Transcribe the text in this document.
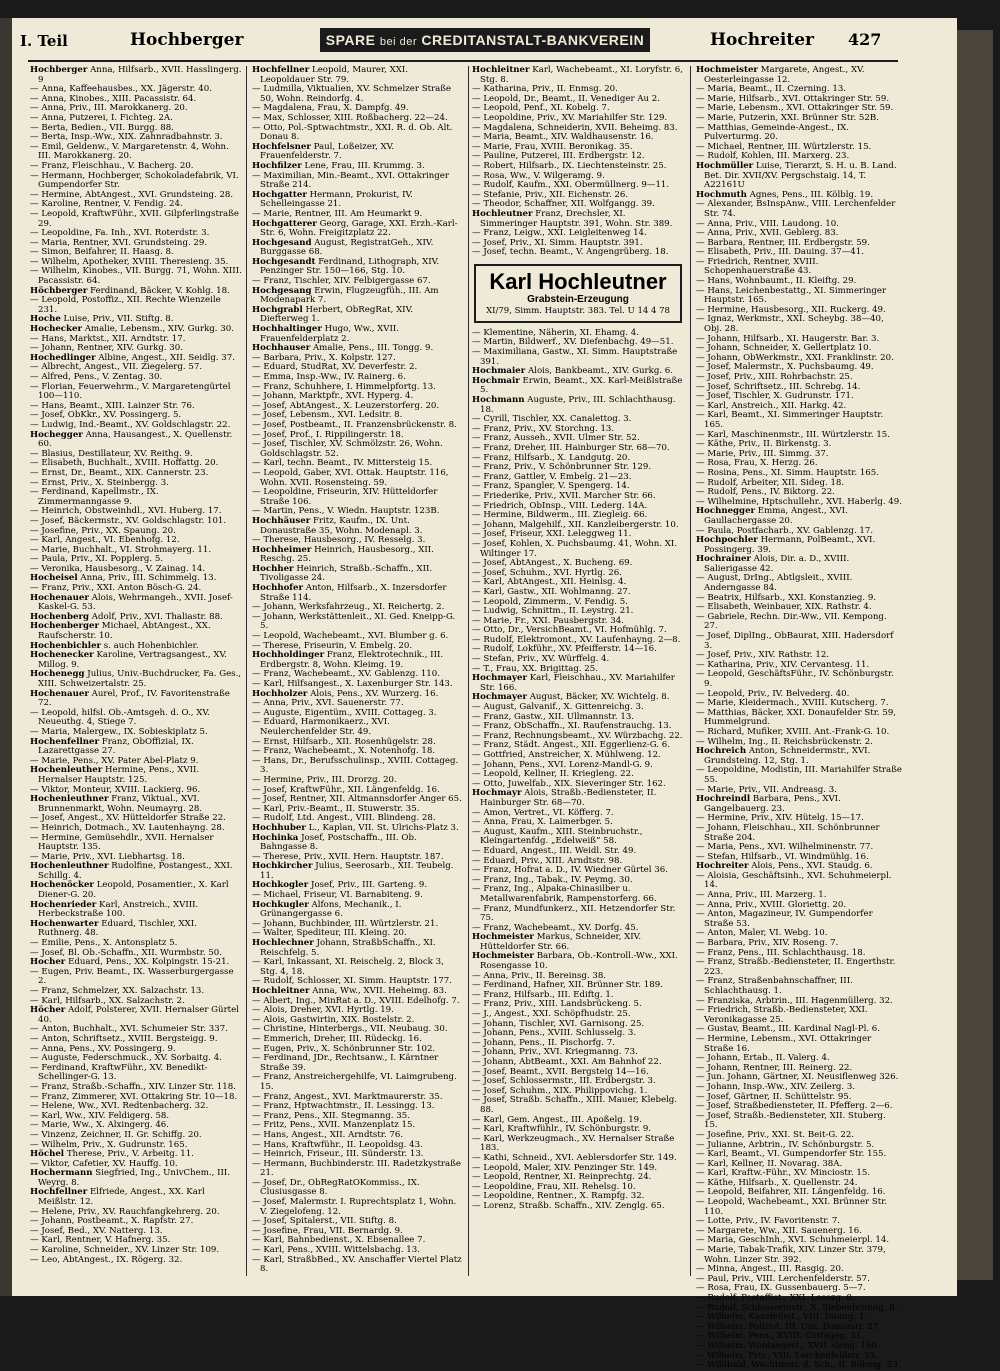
I. Teil	Hochberger	SPARE bei der CREDITANSTALT-BANKVEREIN	Hochreiter 427

Hochberger Anna, Hilfsarb., XVII. Hasslingerg. 9

— Anna, Kaffeehausbes., XX. Jägerstr. 40.

— Anna, Kinobes., XIII. Pacassistr. 64.

— Anna, Priv., III. Marokkanerg. 20.

— Anna, Putzerei, I. Fichteg. 2A.

— Berta, Bedien., VII. Burgg. 88.

— Berta, Insp.-Ww., XIX. Zahnradbahnstr. 3.

— Emil, Geldenw., V. Margaretenstr. 4, Wohn. III. Marokkanerg. 20.

— Franz, Fleischhau., V. Bacherg. 20.

— Hermann, Hochberger, Schokoladefabrik, VI. Gumpendorfer Str.

— Hermine, AbtAngest., XVI. Grundsteing. 28.

— Karoline, Rentner, V. Fendig. 24.

— Leopold, KraftwFühr., XVII. Gilpferlingstraße 29.

— Leopoldine, Fa. Inh., XVI. Roterdstr. 3.

— Maria, Rentner, XVI. Grundsteing. 29.

— Simon, Beifahrer, II. Haasg. 8.

— Wilhelm, Apotheker, XVIII. Theresieng. 35.

— Wilhelm, Kinobes., VII. Burgg. 71, Wohn. XIII. Pacassistr. 64.

Höchberger Ferdinand, Bäcker, V. Kohlg. 18.

— Leopold, Postoffiz., XII. Rechte Wienzeile 231.

Hoche Luise, Priv., VII. Stiftg. 8.

Hochecker Amalie, Lebensm., XIV. Gurkg. 30.

— Hans, Marktst., XII. Arndtstr. 17.

— Johann, Rentner, XIV. Gurkg. 30.

Hochedlinger Albine, Angest., XII. Seidlg. 37.

— Albrecht, Angest., VII. Ziegelerg. 57.

— Alfred, Pens., V. Zentag. 30.

— Florian, Feuerwehrm., V. Margaretengürtel 100—110.

— Hans, Beamt., XIII. Lainzer Str. 76.

— Josef, ObKkr., XV. Possingerg. 5.

— Ludwig, Ind.-Beamt., XV. Goldschlagstr. 22.

Hochegger Anna, Hausangest., X. Quellenstr. 60.

— Blasius, Destillateur, XV. Reithg. 9.

— Elisabeth, Buchhalt., XVIII. Hoffattg. 20.

— Ernst, Dr., Beamt., XIX. Cannerstr. 23.

— Ernst, Priv., X. Steinbergg. 3.

— Ferdinand, Kapellmstr., IX. Zimmermanngasse 9.

— Heinrich, Obstweinhdl., XVI. Huberg. 17.

— Josef, Bäckermstr., XV. Goldschlagstr. 101.

— Josefine, Priv., XX. Spaung. 20.

— Karl, Angest., VI. Ebenhofg. 12.

— Marie, Buchhalt., VI. Strohmayerg. 11.

— Paula, Priv., XI. Popplerg. 5.

— Veronika, Hausbesorg., V. Zainag. 14.

Hocheisel Anna, Priv., III. Schimmelg. 13.

— Franz, Priv., XXI. Anton Bösch-G. 24.

Hochenauer Alois, Wehrmangeh., XVII. Josef-Kaskel-G. 53.

Hochenberg Adolf, Priv., XVI. Thaliastr. 88.

Hochenberger Michael, AbtAngest., XX. Raufscherstr. 10.

Hochenbichler s. auch Hohenbichler.

Hochenecker Karoline, Vertragsangest., XV. Millog. 9.

Hochenegg Julius, Univ.-Buchdrucker, Fa. Ges., XIII. Schweizertalstr. 25.

Hochenauer Aurel, Prof., IV. Favoritenstraße 72.

— Leopold, hilfsl. Ob.-Amtsgeh. d. O., XV. Neueuthg. 4, Stiege 7.

— Maria, Malergew., IX. Sobieskiplatz 5.

Hochenfellner Franz, ObOffizial, IX. Lazarettgasse 27.

— Marie, Pens., XV. Pater Abel-Platz 9.

Hochenleuther Hermine, Pens., XVII. Hernalser Hauptstr. 125.

— Viktor, Monteur, XVIII. Lackierg. 96.

Hochenleuthner Franz, Viktual., XVI. Brunnenmarkt, Wohn. Neumayrg. 28.

— Josef, Angest., XV. Hütteldorfer Straße 22.

— Heinrich, Dotmach., XV. Lautenhayng. 28.

— Hermine, Gemüsehdlr., XVII. Hernalser Hauptstr. 135.

— Marie, Priv., XVI. Liebhartsg. 18.

Hochenleuthner Rudolfine, Postangest., XXI. Schillg. 4.

Hochenöcker Leopold, Posamentier., X. Karl Diener-G. 20.

Hochenrieder Karl, Anstreich., XVIII. Herbeckstraße 100.

Hochenwarter Eduard, Tischler, XXI. Ruthnerg. 48.

— Emilie, Pens., X. Antonsplatz 5.

— Josef, Bl. Ob.-Schaffn., XII. Wurmbstr. 50.

Hocher Eduard, Pens., XX. Kolpingstr. 15-21.

— Eugen, Priv. Beamt., IX. Wasserburgergasse 2.

— Franz, Schmelzer, XX. Salzachstr. 13.

— Karl, Hilfsarb., XX. Salzachstr. 2.

Höcher Adolf, Polsterer, XVII. Hernalser Gürtel 40.

— Anton, Buchhalt., XVI. Schumeier Str. 337.

— Anton, Schriftsetz., XVIII. Bergsteigg. 9.

— Anna, Pens., XV. Possingerg. 9.

— Auguste, Federschmuck., XV. Sorbaitg. 4.

— Ferdinand, KraftwFühr., XV. Benedikt-Schellinger-G. 13.

— Franz, Straßb.-Schaffn., XIV. Linzer Str. 118.

— Franz, Zimmerer, XVI. Ottakring Str. 10—18.

— Helene, Ww., XVI. Redtenbacherg. 32.

— Karl, Ww., XIV. Feldigerg. 58.

— Marie, Ww., X. Alxingerg. 46.

— Vinzenz, Zeichner, II. Gr. Schiffg. 20.

— Wilhelm, Priv., X. Gudrunstr. 165.

Höchel Therese, Priv., V. Arbeitg. 11.

— Viktor, Cafetier, XV. Hauffg. 10.

Hochermann Siegfried, Ing., UnivChem., III. Weyrg. 8.

Hochfellner Elfriede, Angest., XX. Karl Meißlstr. 12.

— Helene, Priv., XV. Rauchfangkehrerg. 20.

— Johann, Postbeamt., X. Rapfstr. 27.

— Josef, Bed., XV. Natterg. 13.

— Karl, Rentner, V. Hafnerg. 35.

— Karoline, Schneider., XV. Linzer Str. 109.

— Leo, AbtAngest., IX. Rögerg. 32.

Hochfellner Leopold, Maurer, XXI. Leopoldauer Str. 79.

— Ludmilla, Viktualien, XV. Schmelzer Straße 50, Wohn. Reindorfg. 4.

— Magdalena, Frau, X. Dampfg. 49.

— Max, Schlosser, XIII. Roßbacherg. 22—24.

— Otto, Pol.-Sptwachtmstr., XXI. R. d. Ob. Alt. Donau 8.

Hochfelsner Paul, Loßeizer, XV. Frauenfelderstr. 7.

Hochfilzer Lene, Frau, III. Krummg. 3.

— Maximilian, Min.-Beamt., XVI. Ottakringer Straße 214.

Hochgatter Hermann, Prokurist, IV. Schelleingasse 21.

— Marie, Rentner, III. Am Heumarkt 9.

Hochgatterer Georg, Garage, XXI. Erzh.-Karl-Str. 6, Wohn. Freigitzplatz 22.

Hochgesand August, RegistratGeh., XIV. Burggasse 68.

Hochgesandt Ferdinand, Lithograph, XIV. Penzinger Str. 150—166, Stg. 10.

— Franz, Tischler, XIV. Felbigergasse 67.

Hochgesang Erwin, Flugzeugfüh., III. Am Modenapark 7.

Hochgrabl Herbert, ObRegRat, XIV. Diefterweg 1.

Hochhaltinger Hugo, Ww., XVII. Frauenfelderplatz 2.

Hochhauser Amalie, Pens., III. Tongg. 9.

— Barbara, Priv., X. Kolpstr. 127.

— Eduard, StudRat, XV. Deverfestr. 2.

— Emma, Insp.-Ww., IV. Rainerg. 6.

— Franz, Schuhhere, I. Himmelpfortg. 13.

— Johann, Marktpfr., XVI. Hyperg. 4.

— Josef, AbtAngest., X. Leuzerstorferg. 20.

— Josef, Lebensm., XVI. Ledsitr. 8.

— Josef, Postbeamt., II. Franzensbrückenstr. 8.

— Josef, Prof., I. Rippilingerstr. 18.

— Josef, Tischler, XV. Schmölzstr. 26, Wohn. Goldschlagstr. 52.

— Karl, techn. Beamt., IV. Mittersteig 15.

— Leopold, Gaber, XVI. Ottak. Hauptstr. 116, Wohn. XVII. Rosensteing. 59.

— Leopoldine, Friseurin, XIV. Hütteldorfer Straße 106.

— Martin, Pens., V. Wiedn. Hauptstr. 123B.

Hochhäuser Fritz, Kaufm., IX. Unt. Donaustraße 35, Wohn. Modenapl. 3.

— Therese, Hausbesorg., IV. Resselg. 3.

Hochheimer Heinrich, Hausbesorg., XII. Reschg. 25.

Hochher Heinrich, Straßb.-Schaffn., XII. Tivoligasse 24.

Hochhofer Anton, Hilfsarb., X. Inzersdorfer Straße 114.

— Johann, Werksfahrzeug., XI. Reichertg. 2.

— Johann, Werkstättenleit., XI. Ged. Kneipp-G. 5.

— Leopold, Wachebeamt., XVI. Blumber g. 6.

— Therese, Friseurin, V. Embelg. 20.

Hochholdinger Franz, Elektrotechnik., III. Erdbergstr. 8, Wohn. Kleimg. 19.

— Franz, Wachebeamt., XV. Gablenzg. 110.

— Karl, Hilfsangest., X. Laxenburger Str. 143.

Hochholzer Alois, Pens., XV. Wurzerg. 16.

— Anna, Priv., XVI. Sauenerstr. 77.

— Auguste, Eigentüm., XVIII. Cottageg. 3.

— Eduard, Harmonikaerz., XVI. Neulerchenfelder Str. 49.

— Ernst, Hilfsarb., XII. Rosenhügelstr. 28.

— Franz, Wachebeamt., X. Notenhofg. 18.

— Hans, Dr., Berufsschulinsp., XVIII. Cottageg. 3.

— Hermine, Priv., III. Drorzg. 20.

— Josef, KraftwFühr., XII. Längenfeldg. 16.

— Josef, Rentner, XII. Altmannsdorfer Anger 65.

— Karl, Priv.-Beamt., II. Stuwerstr. 35.

— Rudolf, Ltd. Angest., VIII. Blindeng. 28.

Hochhuber L., Kaplan, VII. St. Ulrichs-Platz 3.

Hochinka Josef, Postschaffn., III. Ob. Bahngasse 8.

— Therese, Priv., XVII. Hern. Hauptstr. 187.

Hochkircher Julius, Seerosarb., XII. Teubelg. 11.

Hochkogler Josef, Priv., III. Garteng. 9.

— Michael, Friseur, VI. Barnabiteng. 9.

Hochkugler Alfons, Mechanik., I. Grünangergasse 6.

— Johann, Buchbinder, III. Würtzlerstr. 21.

— Walter, Spediteur, III. Kleing. 20.

Hochlechner Johann, StraßbSchaffn., XI. Reischfelg. 5.

— Karl, Inkassant, XI. Reischelg. 2, Block 3, Stg. 4, 18.

— Rudolf, Schlosser, XI. Simm. Hauptstr. 177.

Hochleitner Anna, Ww., XVII. Heheimg. 83.

— Albert, Ing., MinRat a. D., XVIII. Edelhofg. 7.

— Alois, Dreher, XVI. Hyrtlg. 19.

— Alois, Gastwirtin, XIX. Bostelstr. 2.

— Christine, Hinterbergs., VII. Neubaug. 30.

— Emmerich, Dreher, III. Rüdeckg. 16.

— Eugen, Priv., X. Schönbrunner Str. 102.

— Ferdinand, JDr., Rechtsanw., I. Kärntner Straße 39.

— Franz, Anstreichergehilfe, VI. Laimgrubeng. 15.

— Franz, Angest., XVI. Marktmaurerstr. 35.

— Franz, Hptwachtmstr., II. Lessingg. 13.

— Franz, Pens., XII. Stegmanng. 35.

— Fritz, Pens., XVII. Manzenplatz 15.

— Hans, Angest., XII. Arndtstr. 76.

— Hans, Kraftwführ., II. Leopoldsg. 43.

— Heinrich, Friseur., III. Sünderstr. 13.

— Hermann, Buchbinderstr. III. Radetzkystraße 21.

— Josef, Dr., ObRegRatOKommiss., IX. Clusiusgasse 8.

— Josef, Malermstr. I. Ruprechtsplatz 1, Wohn. V. Ziegelofeng. 12.

— Josef, Spitalerst., VII. Stiftg. 8.

— Josefine, Frau, VII. Bernardg. 9.

— Karl, Bahnbedienst., X. Ebsenallee 7.

— Karl, Pens., XVIII. Wittelsbachg. 13.

— Karl, StraßbBed., XV. Anschaffer Viertel Platz 8.

Hochleitner Karl, Wachebeamt., XI. Loryfstr. 6, Stg. 8.

— Katharina, Priv., II. Enmsg. 20.

— Leopold, Dr., Beamt., II. Venediger Au 2.

— Leopold, Penf., XI. Kobelg. 7.

— Leopoldine, Priv., XV. Mariahilfer Str. 129.

— Magdalena, Schneiderin, XVII. Beheimg. 83.

— Maria, Beamt., XIV. Waldhausenstr. 16.

— Marie, Frau, XVIII. Beronikag. 35.

— Pauline, Putzerei, III. Erdbergstr. 12.

— Robert, Hilfsarb., IX. Liechtensteinstr. 25.

— Rosa, Ww., V. Wilgeramg. 9.

— Rudolf, Kaufm., XXI. Obermüllnerg. 9—11.

— Stefanie, Priv., XII. Eichenstr. 26.

— Theodor, Schaffner, XII. Wolfgangg. 39.

Hochleutner Franz, Drechsler, XI. Simmeringer Hauptstr. 391, Wohn. Str. 389.

— Franz, Leigw., XXI. Leigleitenweg 14.

— Josef, Priv., XI. Simm. Hauptstr. 391.

— Josef, techn. Beamt., V. Angengrüberg. 18.

Karl Hochleutner
Grabstein-Erzeugung
XI/79, Simm. Hauptstr. 383. Tel. U 14 4 78

— Klementine, Näherin, XI. Ehamg. 4.

— Martin, Bildwerf., XV. Diefenbachg. 49—51.

— Maximiliana, Gastw., XI. Simm. Hauptstraße 391.

Hochmaier Alois, Bankbeamt., XIV. Gurkg. 6.

Hochmair Erwin, Beamt., XX. Karl-Meißlstraße 5.

Hochmann Auguste, Priv., III. Schlachthausg. 18.

— Cyrill, Tischler, XX. Canalettog. 3.

— Franz, Priv., XV. Storchng. 13.

— Franz, Ausseh., XVII. Ulmer Str. 52.

— Franz, Dreher, III. Hainburger Str. 68—70.

— Franz, Hilfsarb., X. Landgutg. 20.

— Franz, Priv., V. Schönbrunner Str. 129.

— Franz, Gattler, V. Embelg. 21—23.

— Franz, Spangler, V. Spengerg. 14.

— Friederike, Priv., XVII. Marcher Str. 66.

— Friedrich, ObInsp., VIII. Lederg. 14A.

— Hermine, Bildwerm., III. Ziegleig. 66.

— Johann, Malgehilf., XII. Kanzleibergerstr. 10.

— Josef, Friseur, XXI. Leleggweg 11.

— Josef, Kohlen, X. Puchsbaumg. 41, Wohn. XI. Wiltinger 17.

— Josef, AbtAngest., X. Bucheng. 69.

— Josef, Schuhm., XVI. Hyrtlg. 26.

— Karl, AbtAngest., XII. Heinlsg. 4.

— Karl, Gastw., XII. Wohlmanng. 27.

— Leopold, Zimmerm., V. Fendig. 5.

— Ludwig, Schnittm., II. Leystrg. 21.

— Marie, Fr., XXI. Pausbergstr. 34.

— Otto, Dr., VersichBeamt., VI. Hofmühlg. 7.

— Rudolf, Elektromont., XV. Laufenhayng. 2—8.

— Rudolf, Lokführ., XV. Pfeifferstr. 14—16.

— Stefan, Priv., XV. Würffelg. 4.

— T., Frau, XX. Brigittag. 25.

Hochmayer Karl, Fleischhau., XV. Mariahilfer Str. 166.

Hochmayer August, Bäcker, XV. Wichtelg. 8.

— August, Galvanif., X. Gittenreichg. 3.

— Franz, Gastw., XII. Ullmannstr. 13.

— Franz, ObSchaffn., XI. Raufenstrauchg. 13.

— Franz, Rechnungsbeamt., XV. Würzbachg. 22.

— Franz, Städt. Angest., XII. Eggerlienz-G. 6.

— Gottfried, Anstreicher, X. Mühlweng. 12.

— Johann, Pens., XVI. Lorenz-Mandl-G. 9.

— Leopold, Kellner, II. Kriegleng. 22.

— Otto, Juwelfab., XIX. Sieveringer Str. 162.

Hochmayr Alois, Straßb.-Bediensteter, II. Hainburger Str. 68—70.

— Amon, Vertret., VI. Köfferg. 7.

— Anna, Frau, X. Laimerbger. 5.

— August, Kaufm., XIII. Steinbruchstr., Kleingartenfdg. „Edelweiß“ 58.

— Eduard, Angest., III. Weidl. Str. 49.

— Eduard, Priv., XIII. Arndtstr. 98.

— Franz, Hofrat a. D., IV. Wiedner Gürtel 36.

— Franz, Ing., Tabak., IV. Peymg. 30.

— Franz, Ing., Alpaka-Chinasilber u. Metallwarenfabrik, Rampenstorferg. 66.

— Franz, Mundfunkerz., XII. Hetzendorfer Str. 75.

— Franz, Wachebeamt., XV. Dorfg. 45.

Hochmeister Markus, Schneider, XIV. Hütteldorfer Str. 66.

Hochmeister Barbara, Ob.-Kontroll.-Ww., XXI. Rosengasse 10.

— Anna, Priv., II. Bereinsg. 38.

— Ferdinand, Hafner, XII. Brünner Str. 189.

— Franz, Hilfsarb., III. Ediftg. 1.

— Franz, Priv., XIII. Landsbrückeng. 5.

— J., Angest., XXI. Schöpfhudstr. 25.

— Johann, Tischler, XVI. Garnisong. 25.

— Johann, Pens., XVIII. Schlusselg. 3.

— Johann, Pens., II. Pischorfg. 7.

— Johann, Priv., XVI. Kriegmanng. 73.

— Johann, AbtBeamt., XXI. Am Bahnhof 22.

— Josef, Beamt., XVII. Bergsteig 14—16.

— Josef, Schlossermstr., III. Erdbergstr. 3.

— Josef, Schuhm., XIX. Philippovichg. 1.

— Josef, Straßb. Schaffn., XIII. Mauer, Klebelg. 88.

— Karl, Gem. Angest., III. Apoßelg. 19.

— Karl, Kraftwfühlr., IV. Schönburgstr. 9.

— Karl, Werkzeugmach., XV. Hernalser Straße 183.

— Kathi, Schneid., XVI. Aeblersdorfer Str. 149.

— Leopold, Maler, XIV. Penzinger Str. 149.

— Leopold, Rentner, XI. Reinprechtg. 24.

— Leopoldine, Frau, XII. Rehelsg. 10.

— Leopoldine, Rentner., X. Rampfg. 32.

— Lorenz, Straßb. Schaffn., XIV. Zenglg. 65.

Hochmeister Margarete, Angest., XV. Oesterleingasse 12.

— Maria, Beamt., II. Czerning. 13.

— Marie, Hilfsarb., XVI. Ottakringer Str. 59.

— Marie, Lebensm., XVI. Ottakringer Str. 59.

— Marie, Putzerin, XXI. Brünner Str. 52B.

— Matthias, Gemeinde-Angest., IX. Pulverturmg. 20.

— Michael, Rentner, III. Würtzlerstr. 15.

— Rudolf, Kohlen, III. Marxerg. 23.

Hochmüller Luise, Tierarzt, S. H. u. B. Land. Bet. Dir. XVII/XV. Pergschstaig. 14, T. A22161U

Hochmuth Agnes, Pens., III. Kölblg. 19.

— Alexander, BsInspAnw., VIII. Lerchenfelder Str. 74.

— Anna, Priv., VIII. Laudong. 10.

— Anna, Priv., XVII. Geblerg. 83.

— Barbara, Rentner, III. Erdbergstr. 59.

— Elisabeth, Priv., III. Dauing. 37—41.

— Friedrich, Rentner, XVIII. Schopenhauerstraße 43.

— Hans, Wohnbaumt., II. Kleiftg. 29.

— Hans, Leichenbestattg., XI. Simmeringer Hauptstr. 165.

— Hermine, Hausbesorg., XII. Ruckerg. 49.

— Ignaz, Werkmstr., XXI. Scheybg. 38—40, Obj. 28.

— Johann, Hilfsarb., XI. Haugerstr. Bar. 3.

— Johann, Schneider, X. Gellertplatz 10.

— Johann, ObWerkmstr., XXI. Franklinstr. 20.

— Josef, Malermstr., X. Puchsbaumg. 49.

— Josef, Priv., XIII. Rohrbachstr. 25.

— Josef, Schriftsetz., III. Schrebg. 14.

— Josef, Tischler, X. Gudrunstr. 171.

— Karl, Anstreich., XII. Harkg. 42.

— Karl, Beamt., XI. Simmeringer Hauptstr. 165.

— Karl, Maschinenmstr., III. Würtzlerstr. 15.

— Käthe, Priv., II. Birkenstg. 3.

— Marie, Priv., III. Simmg. 37.

— Rosa, Frau, X. Herzg. 26.

— Rosina, Pens., XI. Simm. Hauptstr. 165.

— Rudolf, Arbeiter, XII. Sideg. 18.

— Rudolf, Pens., IV. Biktorg. 22.

— Wilhelmine, Hptschullehr., XVI. Haberlg. 49.

Hochnegger Emma, Angest., XVI. Gaullachergasse 20.

— Paula, Postfacharb., XV. Gablenzg. 17.

Hochpochler Hermann, PolBeamt., XVI. Possingerg. 39.

Hochrainer Alois, Dir. a. D., XVIII. Salierigasse 42.

— August, DrIng., Abtlgsleit., XVIII. Anderngasse 84.

— Beatrix, Hilfsarb., XXI. Konstanzieg. 9.

— Elisabeth, Weinbauer, XIX. Rathstr. 4.

— Gabriele, Rechn. Dir.-Ww., VII. Kempong. 27.

— Josef, DiplIng., ObBaurat, XIII. Hadersdorf 3.

— Josef, Priv., XIV. Rathstr. 12.

— Katharina, Priv., XIV. Cervantesg. 11.

— Leopold, GeschäftsFühr., IV. Schönburgstr. 9.

— Leopold, Priv., IV. Belvederg. 40.

— Marie, Kleidermach., XVIII. Kutscherg. 7.

— Matthias, Bäcker, XXI. Donaufelder Str. 59, Hummelgrund.

— Richard, Mufiker, XVIII. Ant.-Frank-G. 10.

— Wilhelm, Ing., II. Reichsbrückenstr. 2.

Hochreich Anton, Schneidermstr., XVI. Grundsteing. 12, Stg. 1.

— Leopoldine, Modistin, III. Mariahilfer Straße 55.

— Marie, Priv., VII. Andreasg. 3.

Hochreindl Barbara, Pens., XVI. Gangelbauerg. 23.

— Hermine, Priv., XIV. Hütelg. 15—17.

— Johann, Fleischhau., XII. Schönbrunner Straße 204.

— Maria, Pens., XVI. Wilhelminenstr. 77.

— Stefan, Hilfsarb., VI. Windmühlg. 16.

Hochreiter Alois, Pens., XVI. Staudg. 6.

— Aloisia, Geschäftsinh., XVI. Schuhmeierpl. 14.

— Anna, Priv., III. Marzerg. 1.

— Anna, Priv., XVIII. Gloriettg. 20.

— Anton, Magazineur, IV. Gumpendorfer Straße 53.

— Anton, Maler, VI. Webg. 10.

— Barbara, Priv., XIV. Roseng. 7.

— Franz, Pens., III. Schlachthausg. 18.

— Franz, Straßb.-Bediensteter, II. Engerthstr. 223.

— Franz, Straßenbahnschaffner, III. Schlachthausg. 1.

— Franziska, Arbtrin., III. Hagenmüllerg. 32.

— Friedrich, Straßb.-Bediensteter, XXI. Veronikagasse 25.

— Gustav, Beamt., III. Kardinal Nagl-Pl. 6.

— Hermine, Lebensm., XVI. Ottakringer Straße 16.

— Johann, Ertab., II. Valerg. 4.

— Johann, Rentner, III. Reinerg. 22.

— Jun. Johann, Gärtner, XI. Neusiflenweg 326.

— Johann, Insp.-Ww., XIV. Zeilerg. 3.

— Josef, Gärtner, II. Schüttelstr. 95.

— Josef, Straßbediensteter, II. Pfefferg. 2—6.

— Josef, Straßb.-Bediensteter, XII. Stuberg. 15.

— Josefine, Priv., XXI. St. Beit-G. 22.

— Julianne, Arbtrin., IV. Schönburgstr. 5.

— Karl, Beamt., VI. Gumpendorfer Str. 155.

— Karl, Kellner, II. Novarag. 38A.

— Karl, Kraftw.-Führ., XV. Minciostr. 15.

— Käthe, Hilfsarb., X. Quellenstr. 24.

— Leopold, Beifahrer, XII. Längenfeldg. 16.

— Leopold, Wachebeamt., XXI. Brünner Str. 110.

— Lotte, Priv., IV. Favoritenstr. 7.

— Margarete, Ww., XII. Sauenerg. 16.

— Maria, GeschInh., XVI. Schuhmeierpl. 14.

— Marie, Tabak-Trafik, XIV. Linzer Str. 379, Wohn. Linzer Str. 392.

— Minna, Angest., III. Rasgig. 20.

— Paul, Priv., VIII. Lerchenfelderstr. 57.

— Rosa, Frau, IX. Gussenbauerg. 5—7.

— Rudolf, Postaffist., XXI. Lesezg. 8.

— Rudolf, Schlossermstr., X. Siebenbrunng. 8.

— Wilhelm, Kanzleileit., VIII. Daung. 1.

— Wilhelm, Polizist, III. Unt. Donaustr. 27.

— Wilhelm, Pens., XVIII. Cottageg. 31.

— Wilhelm, Wohlangest., XVII. Geng. 160.

— Wilhelm, Priv., VIII. Lerchenfeldstr. 33.

— Willibald, Wachtmstr. d. Sch., II. Böhmg. 23.
